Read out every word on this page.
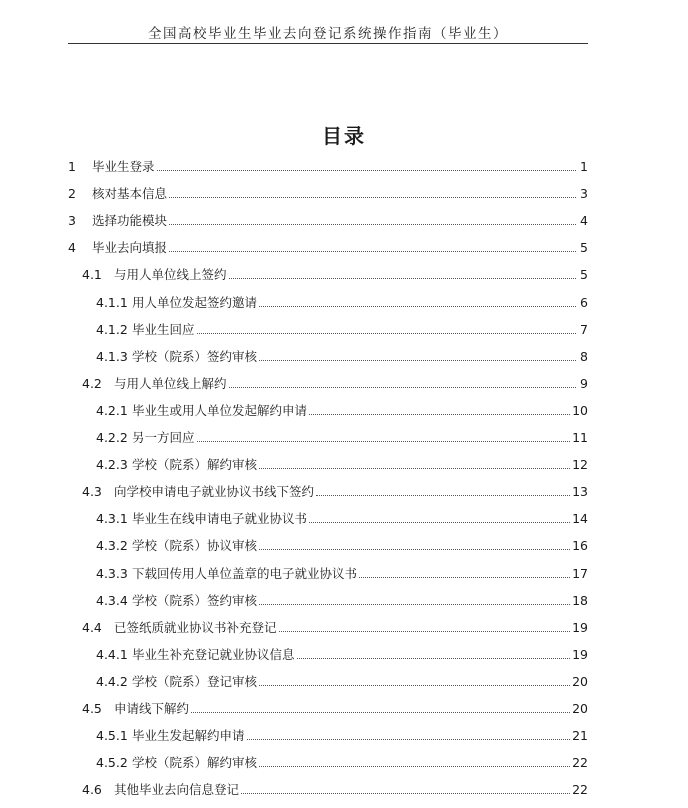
全国高校毕业生毕业去向登记系统操作指南（毕业生）
目录
1	毕业生登录	1
2	核对基本信息	3
3	选择功能模块	4
4	毕业去向填报	5
4.1 与用人单位线上签约	5
4.1.1 用人单位发起签约邀请	6
4.1.2 毕业生回应	7
4.1.3 学校（院系）签约审核	8
4.2 与用人单位线上解约	9
4.2.1 毕业生或用人单位发起解约申请	10
4.2.2 另一方回应	11
4.2.3 学校（院系）解约审核	12
4.3 向学校申请电子就业协议书线下签约	13
4.3.1 毕业生在线申请电子就业协议书	14
4.3.2 学校（院系）协议审核	16
4.3.3 下载回传用人单位盖章的电子就业协议书	17
4.3.4 学校（院系）签约审核	18
4.4 已签纸质就业协议书补充登记	19
4.4.1 毕业生补充登记就业协议信息	19
4.4.2 学校（院系）登记审核	20
4.5 申请线下解约	20
4.5.1 毕业生发起解约申请	21
4.5.2 学校（院系）解约审核	22
4.6 其他毕业去向信息登记	22
